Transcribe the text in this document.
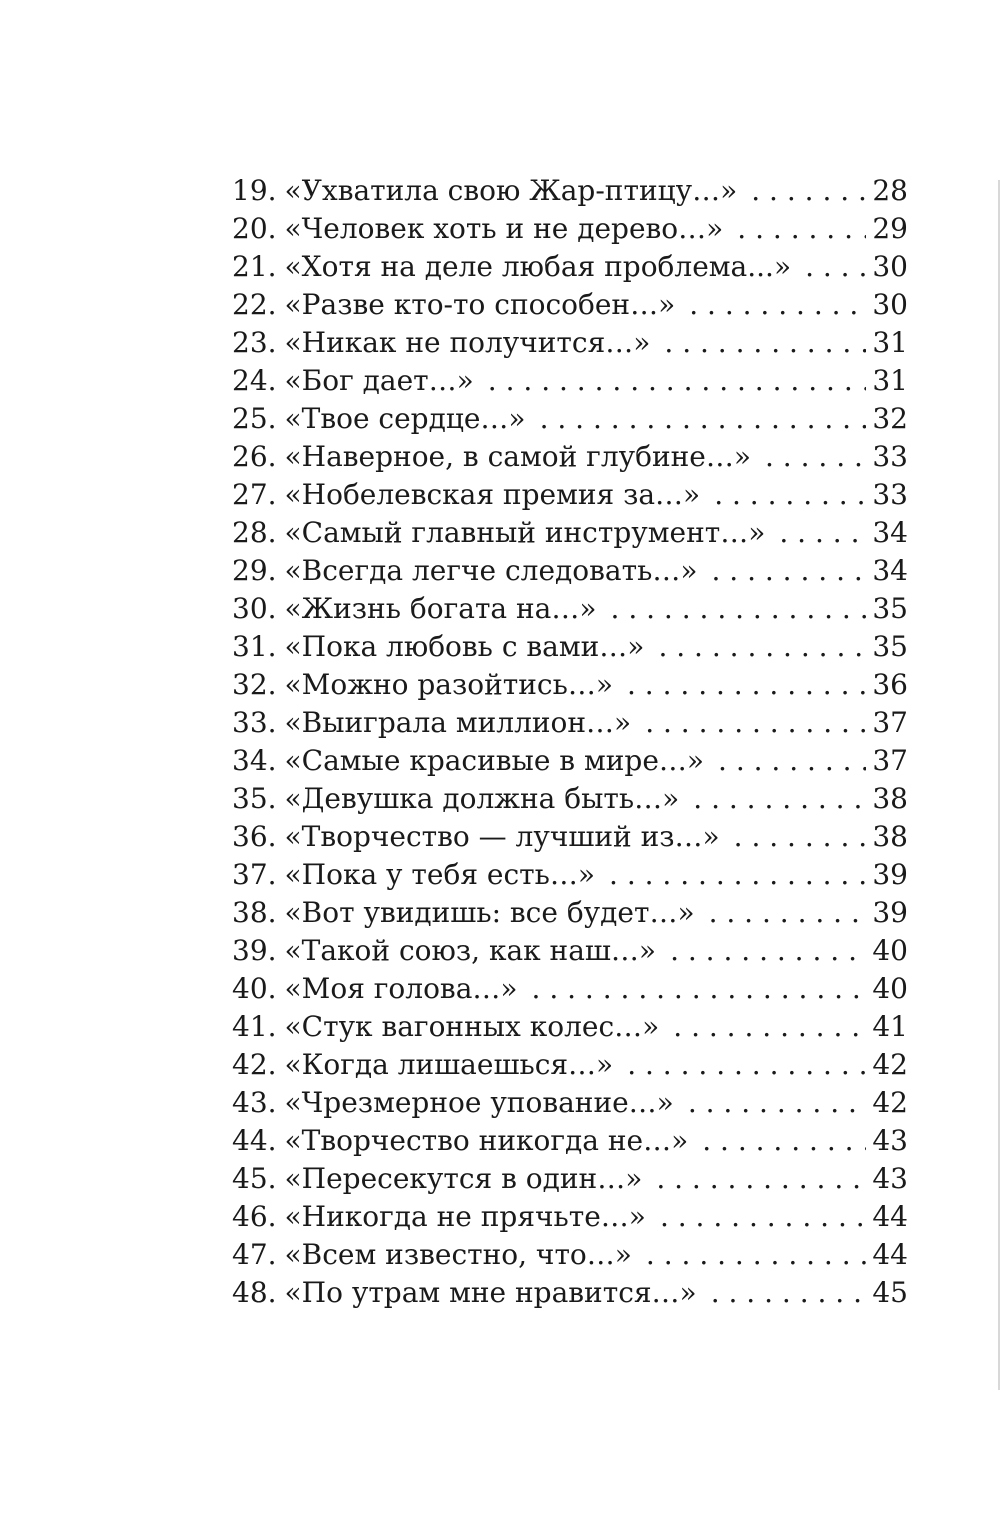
19. «Ухватила свою Жар-птицу…» . . .	28
20. «Человек хоть и не дерево…» . . .	29
21. «Хотя на деле любая проблема...» . . .	30
22. «Разве кто-то способен…» . . .	30
23. «Никак не получится…» . . .	31
24. «Бог дает…» . . .	31
25. «Твое сердце…» . . .	32
26. «Наверное, в самой глубине…» . . .	33
27. «Нобелевская премия за…» . . .	33
28. «Самый главный инструмент…» . . .	34
29. «Всегда легче следовать…» . . .	34
30. «Жизнь богата на…» . . .	35
31. «Пока любовь с вами…» . . .	35
32. «Можно разойтись…» . . .	36
33. «Выиграла миллион…» . . .	37
34. «Самые красивые в мире…» . . .	37
35. «Девушка должна быть…» . . .	38
36. «Творчество — лучший из…» . . .	38
37. «Пока у тебя есть…» . . .	39
38. «Вот увидишь: все будет…» . . .	39
39. «Такой союз, как наш…» . . .	40
40. «Моя голова…» . . .	40
41. «Стук вагонных колес…» . . .	41
42. «Когда лишаешься…» . . .	42
43. «Чрезмерное упование…» . . .	42
44. «Творчество никогда не…» . . .	43
45. «Пересекутся в один…» . . .	43
46. «Никогда не прячьте…» . . .	44
47. «Всем известно, что…» . . .	44
48. «По утрам мне нравится…» . . .	45
